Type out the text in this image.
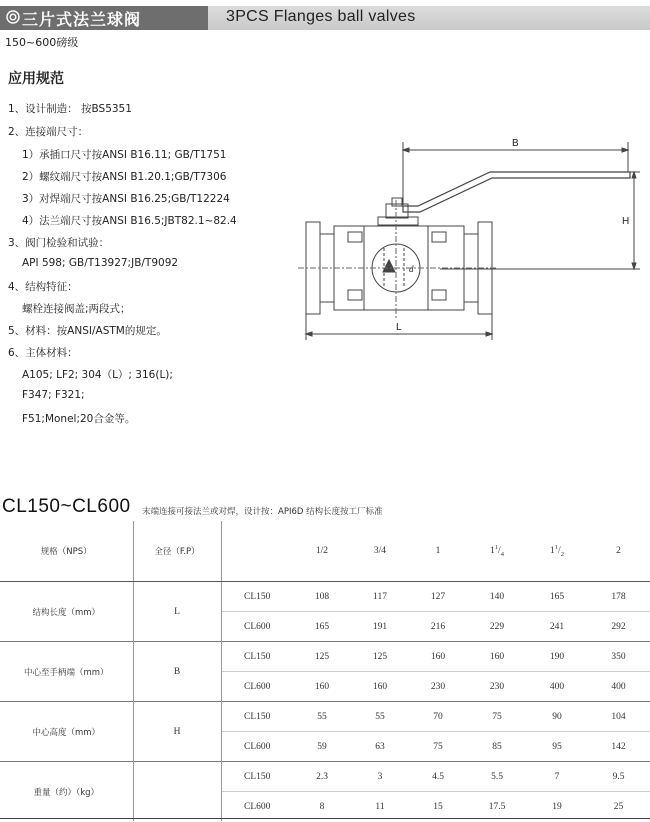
三片式法兰球阀	3PCS Flanges ball valves
150~600磅级
应用规范
1、设计制造： 按BS5351
2、连接端尺寸：
1）承插口尺寸按ANSI B16.11; GB/T1751
2）螺纹端尺寸按ANSI B1.20.1;GB/T7306
3）对焊端尺寸按ANSI B16.25;GB/T12224
4）法兰端尺寸按ANSI B16.5;JBT82.1~82.4
3、阀门检验和试验：
API 598; GB/T13927;JB/T9092
4、结构特征：
螺栓连接阀盖;两段式；
5、材料：按ANSI/ASTM的规定。
6、主体材料：
A105; LF2; 304（L）; 316(L);
F347; F321;
F51;Monel;20合金等。
B
H
L
d
CL150~CL600 末端连接可接法兰或对焊，设计按：API6D 结构长度按工厂标准
规格（NPS）	全径（F.P）		1/2	3/4	1	$1^1/_4$	$1^1/_2$	2
结构长度（mm）	L	CL150	108	117	127	140	165	178
		CL600	165	191	216	229	241	292
中心至手柄端（mm）	B	CL150	125	125	160	160	190	350
		CL600	160	160	230	230	400	400
中心高度（mm）	H	CL150	55	55	70	75	90	104
		CL600	59	63	75	85	95	142
重量（约）（kg）		CL150	2.3	3	4.5	5.5	7	9.5
		CL600	8	11	15	17.5	19	25
